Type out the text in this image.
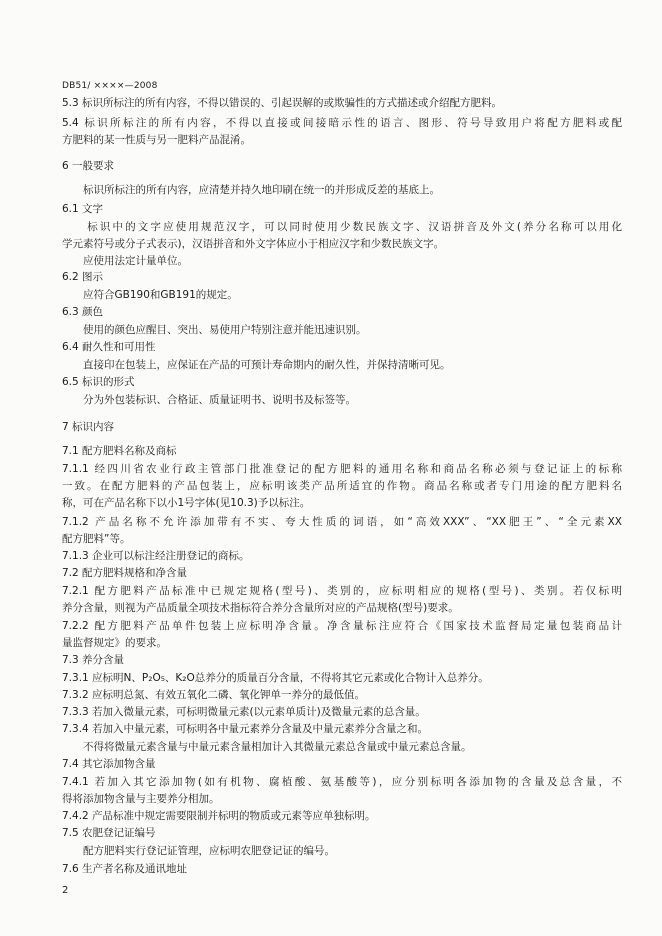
DB51/ ××××—2008
5.3 标识所标注的所有内容，不得以错误的、引起误解的或欺骗性的方式描述或介绍配方肥料。
5.4 标识所标注的所有内容，不得以直接或间接暗示性的语言、图形、符号导致用户将配方肥料或配
方肥料的某一性质与另一肥料产品混淆。
6 一般要求
　　标识所标注的所有内容，应清楚并持久地印刷在统一的并形成反差的基底上。
6.1 文字
　　标识中的文字应使用规范汉字，可以同时使用少数民族文字、汉语拼音及外文(养分名称可以用化
学元素符号或分子式表示)，汉语拼音和外文字体应小于相应汉字和少数民族文字。
　　应使用法定计量单位。
6.2 图示
　　应符合GB190和GB191的规定。
6.3 颜色
　　使用的颜色应醒目、突出、易使用户特别注意并能迅速识别。
6.4 耐久性和可用性
　　直接印在包装上，应保证在产品的可预计寿命期内的耐久性，并保持清晰可见。
6.5 标识的形式
　　分为外包装标识、合格证、质量证明书、说明书及标签等。
7 标识内容
7.1 配方肥料名称及商标
7.1.1 经四川省农业行政主管部门批准登记的配方肥料的通用名称和商品名称必须与登记证上的标称
一致。在配方肥料的产品包装上，应标明该类产品所适宜的作物。商品名称或者专门用途的配方肥料名
称，可在产品名称下以小1号字体(见10.3)予以标注。
7.1.2 产品名称不允许添加带有不实、夸大性质的词语，如“高效XXX”、“XX肥王”、“全元素XX
配方肥料”等。
7.1.3 企业可以标注经注册登记的商标。
7.2 配方肥料规格和净含量
7.2.1 配方肥料产品标准中已规定规格(型号)、类别的，应标明相应的规格(型号)、类别。若仅标明
养分含量，则视为产品质量全项技术指标符合养分含量所对应的产品规格(型号)要求。
7.2.2 配方肥料产品单件包装上应标明净含量。净含量标注应符合《国家技术监督局定量包装商品计
量监督规定》的要求。
7.3 养分含量
7.3.1 应标明N、P₂O₅、K₂O总养分的质量百分含量，不得将其它元素或化合物计入总养分。
7.3.2 应标明总氮、有效五氧化二磷、氧化钾单一养分的最低值。
7.3.3 若加入微量元素，可标明微量元素(以元素单质计)及微量元素的总含量。
7.3.4 若加入中量元素，可标明各中量元素养分含量及中量元素养分含量之和。
　　不得将微量元素含量与中量元素含量相加计入其微量元素总含量或中量元素总含量。
7.4 其它添加物含量
7.4.1 若加入其它添加物(如有机物、腐植酸、氨基酸等)，应分别标明各添加物的含量及总含量，不
得将添加物含量与主要养分相加。
7.4.2 产品标准中规定需要限制并标明的物质或元素等应单独标明。
7.5 农肥登记证编号
　　配方肥料实行登记证管理，应标明农肥登记证的编号。
7.6 生产者名称及通讯地址
2
